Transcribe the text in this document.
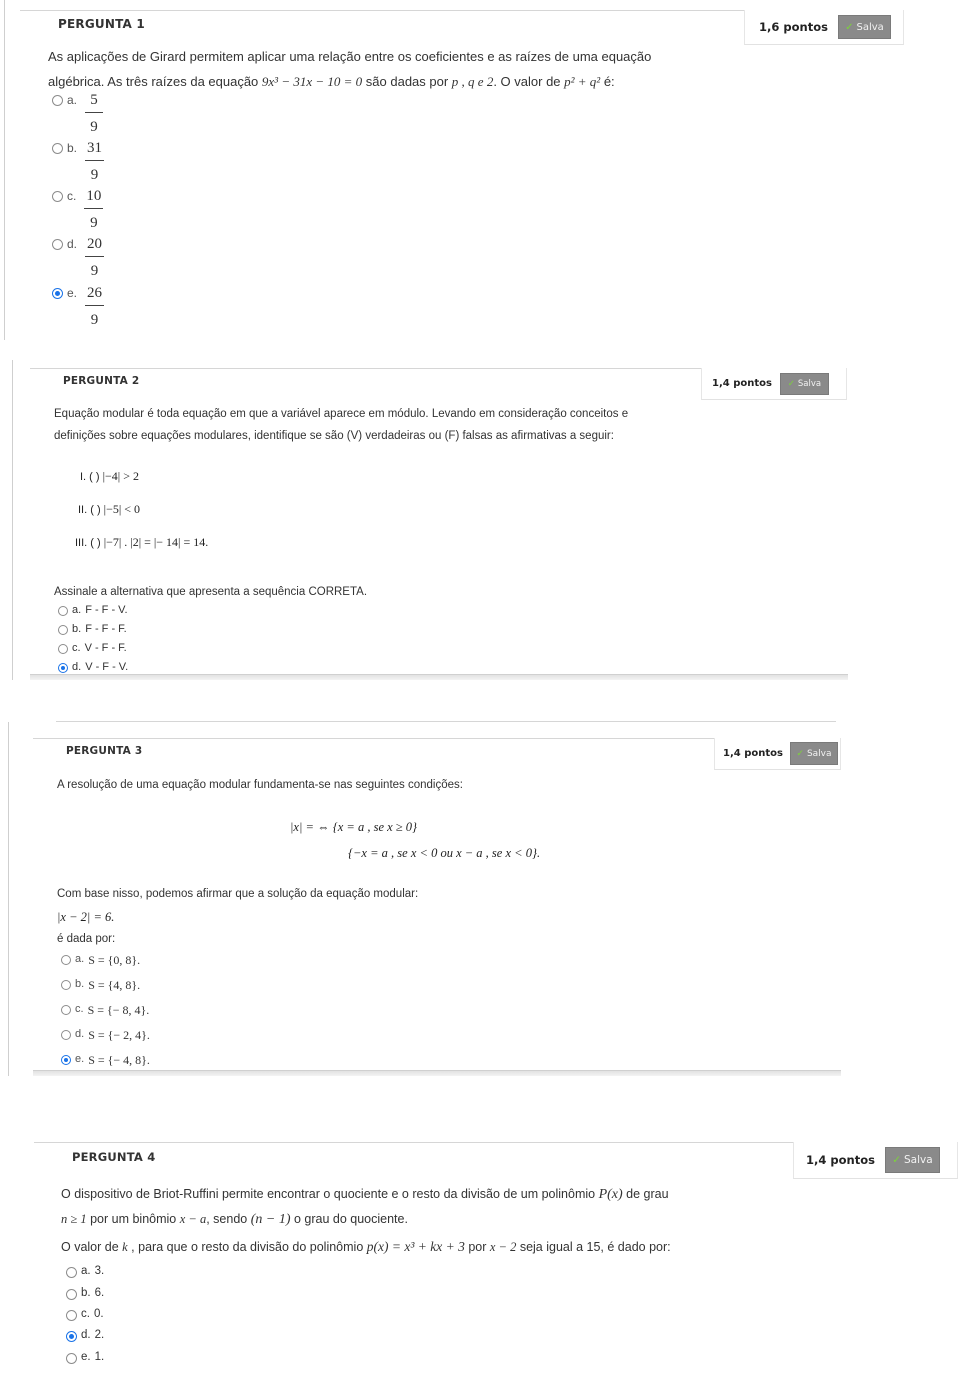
PERGUNTA 1	1,6 pontos ✓ Salva
As aplicações de Girard permitem aplicar uma relação entre os coeficientes e as raízes de uma equação
algébrica. As três raízes da equação 9x³ − 31x − 10 = 0 são dadas por p , q e 2. O valor de p² + q² é:
a. $\frac{5}{9}$
b. $\frac{31}{9}$
c. $\frac{10}{9}$
d. $\frac{20}{9}$
e. $\frac{26}{9}$
PERGUNTA 2	1,4 pontos ✓ Salva
Equação modular é toda equação em que a variável aparece em módulo. Levando em consideração conceitos e
definições sobre equações modulares, identifique se são (V) verdadeiras ou (F) falsas as afirmativas a seguir:
I. ( ) |−4| > 2
II. ( ) |−5| < 0
III. ( ) |−7| . |2| = |− 14| = 14.
Assinale a alternativa que apresenta a sequência CORRETA.
a. F - F - V.
b. F - F - F.
c. V - F - F.
d. V - F - V.
PERGUNTA 3	1,4 pontos ✓ Salva
A resolução de uma equação modular fundamenta-se nas seguintes condições:
|x| = ⇔ {x = a , se x ≥ 0}
{−x = a , se x < 0 ou x − a , se x < 0}.
Com base nisso, podemos afirmar que a solução da equação modular:
|x − 2| = 6.
é dada por:
a. S = {0, 8}.
b. S = {4, 8}.
c. S = {− 8, 4}.
d. S = {− 2, 4}.
e. S = {− 4, 8}.
PERGUNTA 4	1,4 pontos ✓ Salva
O dispositivo de Briot-Ruffini permite encontrar o quociente e o resto da divisão de um polinômio P(x) de grau
n ≥ 1 por um binômio x − a, sendo (n − 1) o grau do quociente.
O valor de k , para que o resto da divisão do polinômio p(x) = x³ + kx + 3 por x − 2 seja igual a 15, é dado por:
a. 3.
b. 6.
c. 0.
d. 2.
e. 1.
